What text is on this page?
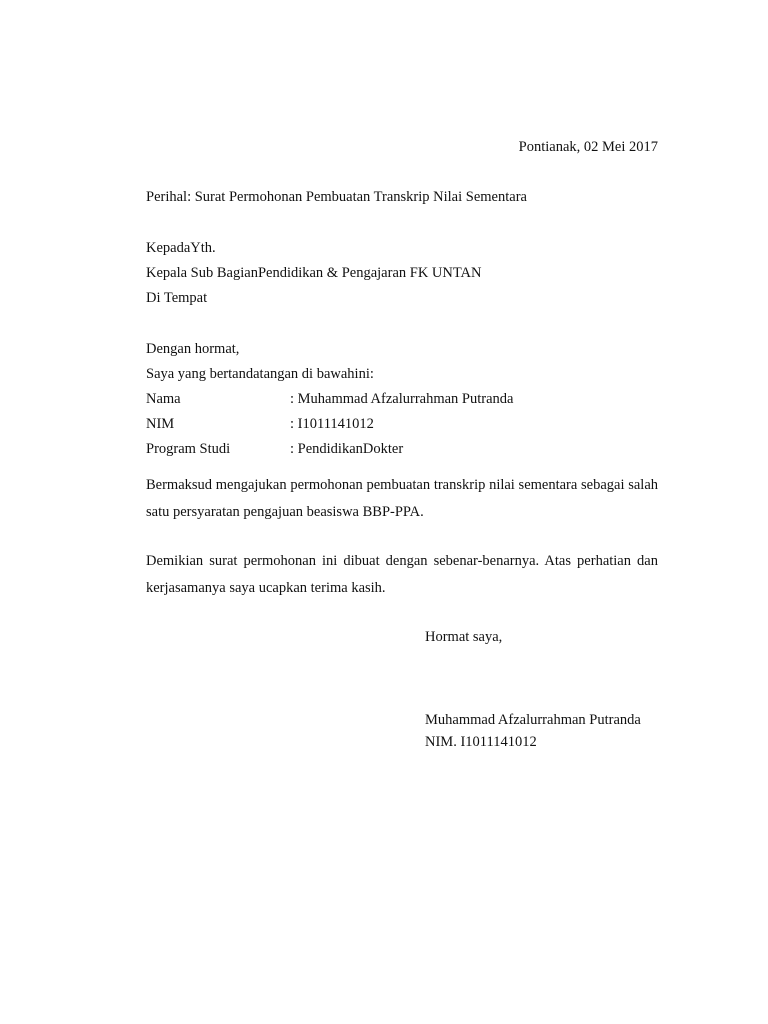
Pontianak, 02 Mei 2017
Perihal: Surat Permohonan Pembuatan Transkrip Nilai Sementara
KepadaYth.
Kepala Sub BagianPendidikan & Pengajaran FK UNTAN
Di Tempat
Dengan hormat,
Saya yang bertandatangan di bawahini:
Nama	: Muhammad Afzalurrahman Putranda
NIM	: I1011141012
Program Studi	: PendidikanDokter
Bermaksud mengajukan permohonan pembuatan transkrip nilai sementara sebagai salah satu persyaratan pengajuan beasiswa BBP-PPA.
Demikian surat permohonan ini dibuat dengan sebenar-benarnya. Atas perhatian dan kerjasamanya saya ucapkan terima kasih.
Hormat saya,
Muhammad Afzalurrahman Putranda
NIM. I1011141012
